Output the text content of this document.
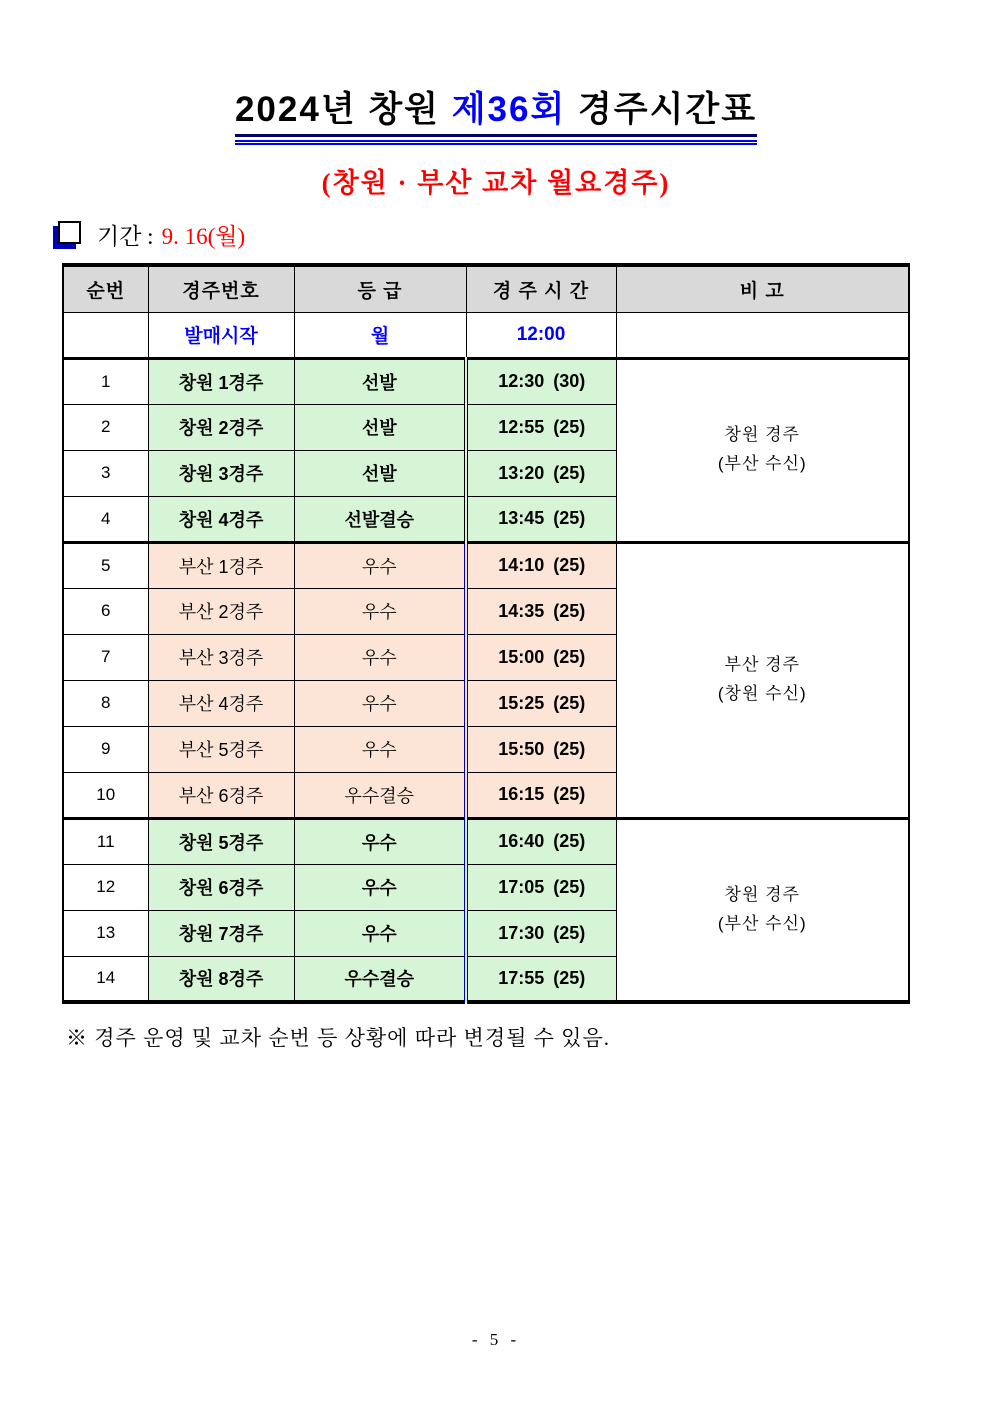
2024년 창원 제36회 경주시간표
(창원 · 부산 교차 월요경주)
기간 : 9. 16(월)
순번	경주번호	등 급	경 주 시 간	비 고
	발매시작	월	12:00	
1	창원 1경주	선발	12:30 (30)	창원 경주
(부산 수신)

2	창원 2경주	선발	12:55 (25)	
3	창원 3경주	선발	13:20 (25)	
4	창원 4경주	선발결승	13:45 (25)	
5	부산 1경주	우수	14:10 (25)	부산 경주
(창원 수신)

6	부산 2경주	우수	14:35 (25)	
7	부산 3경주	우수	15:00 (25)	
8	부산 4경주	우수	15:25 (25)	
9	부산 5경주	우수	15:50 (25)	
10	부산 6경주	우수결승	16:15 (25)	
11	창원 5경주	우수	16:40 (25)	창원 경주
(부산 수신)

12	창원 6경주	우수	17:05 (25)	
13	창원 7경주	우수	17:30 (25)	
14	창원 8경주	우수결승	17:55 (25)	
※ 경주 운영 및 교차 순번 등 상황에 따라 변경될 수 있음.
- 5 -
